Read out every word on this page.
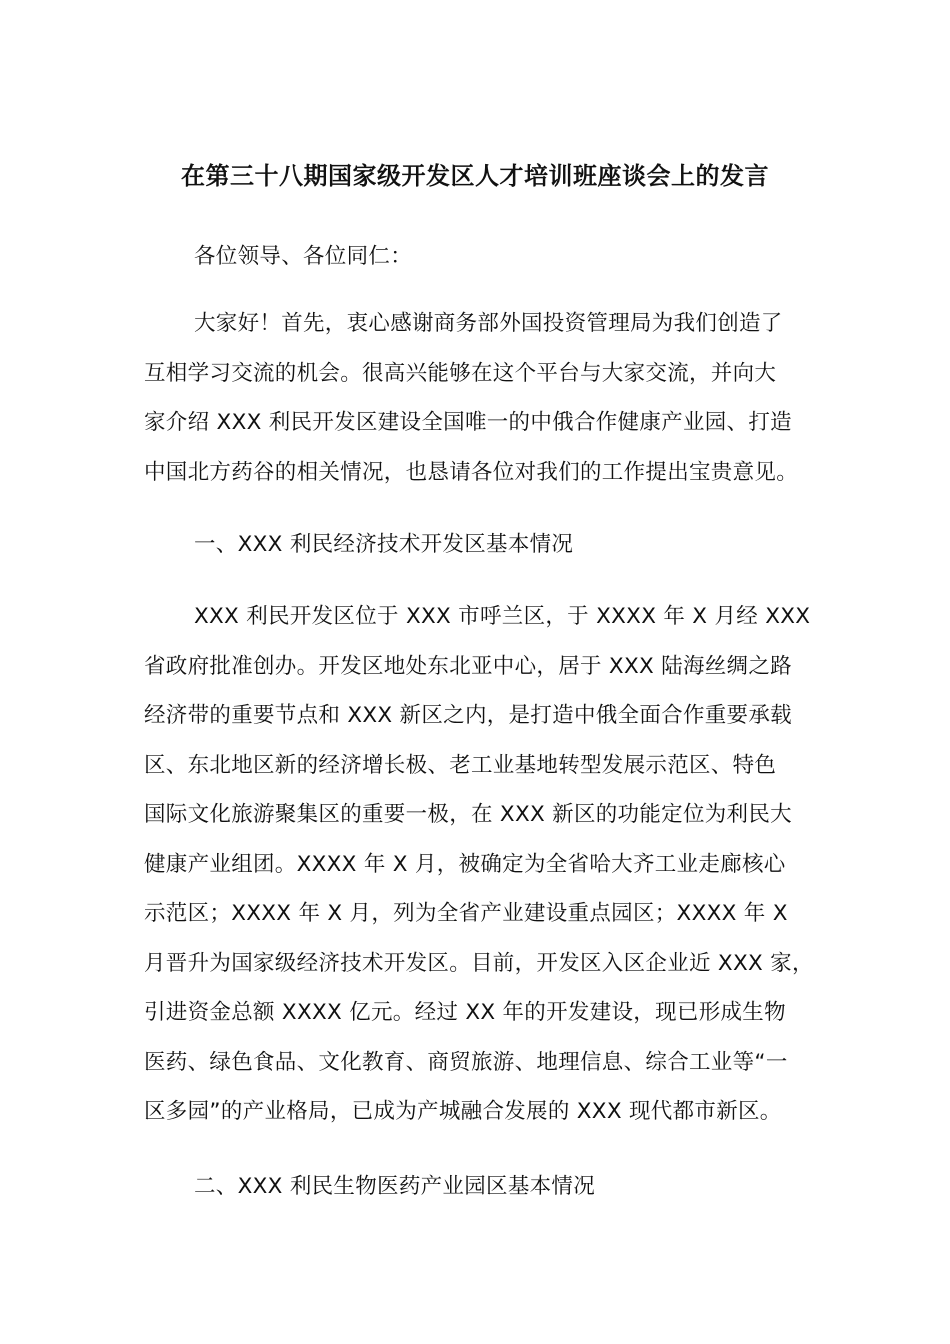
在第三十八期国家级开发区人才培训班座谈会上的发言

各位领导、各位同仁：

大家好！首先，衷心感谢商务部外国投资管理局为我们创造了
互相学习交流的机会。很高兴能够在这个平台与大家交流，并向大
家介绍 XXX 利民开发区建设全国唯一的中俄合作健康产业园、打造
中国北方药谷的相关情况，也恳请各位对我们的工作提出宝贵意见。

一、XXX 利民经济技术开发区基本情况

XXX 利民开发区位于 XXX 市呼兰区，于 XXXX 年 X 月经 XXX
省政府批准创办。开发区地处东北亚中心，居于 XXX 陆海丝绸之路
经济带的重要节点和 XXX 新区之内，是打造中俄全面合作重要承载
区、东北地区新的经济增长极、老工业基地转型发展示范区、特色
国际文化旅游聚集区的重要一极，在 XXX 新区的功能定位为利民大
健康产业组团。XXXX 年 X 月，被确定为全省哈大齐工业走廊核心
示范区；XXXX 年 X 月，列为全省产业建设重点园区；XXXX 年 X
月晋升为国家级经济技术开发区。目前，开发区入区企业近 XXX 家，
引进资金总额 XXXX 亿元。经过 XX 年的开发建设，现已形成生物
医药、绿色食品、文化教育、商贸旅游、地理信息、综合工业等“一
区多园”的产业格局，已成为产城融合发展的 XXX 现代都市新区。

二、XXX 利民生物医药产业园区基本情况
